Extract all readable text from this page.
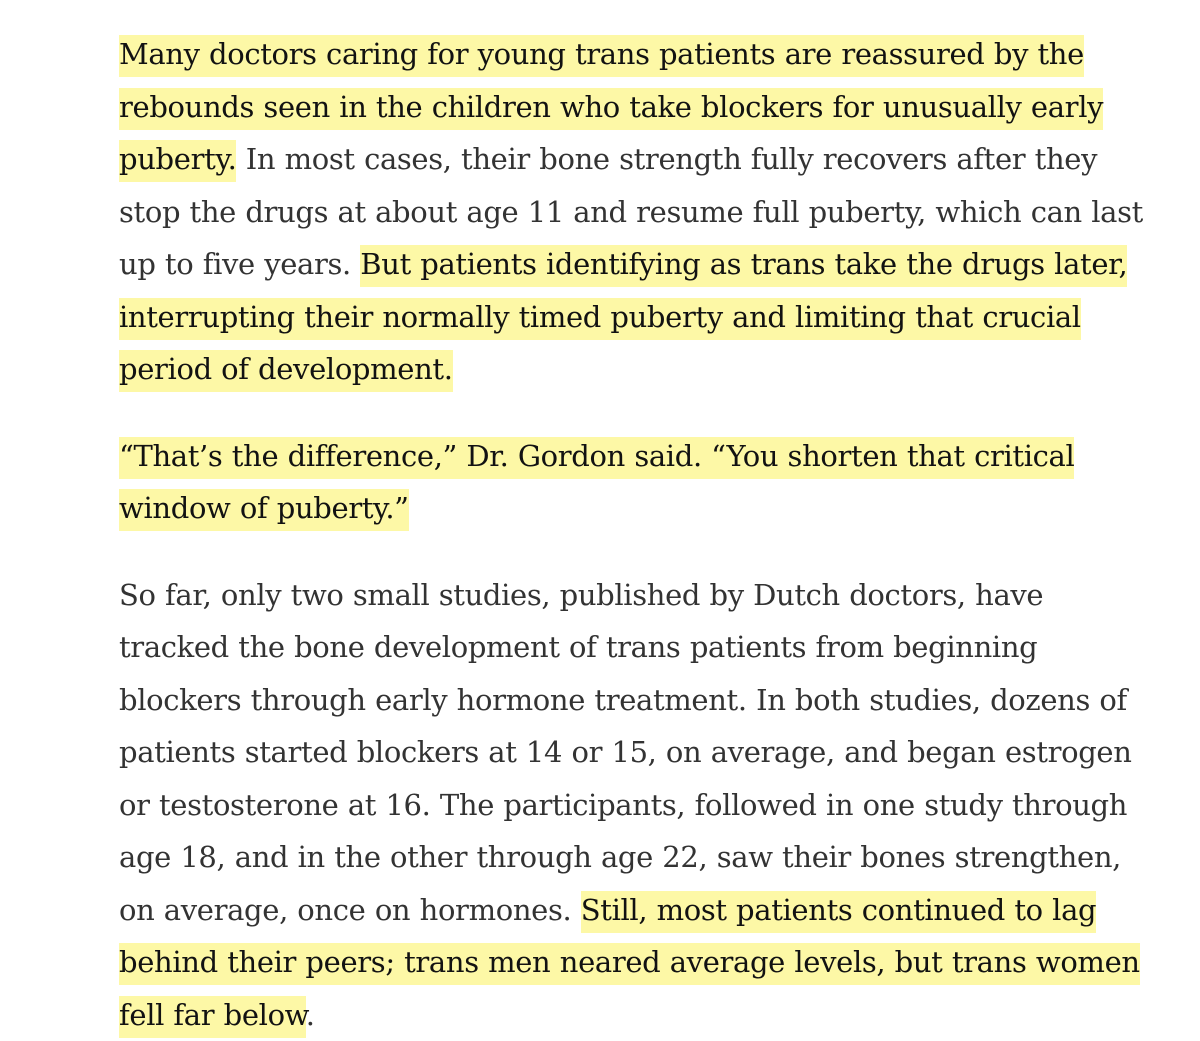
Many doctors caring for young trans patients are reassured by the rebounds seen in the children who take blockers for unusually early puberty. In most cases, their bone strength fully recovers after they stop the drugs at about age 11 and resume full puberty, which can last up to five years. But patients identifying as trans take the drugs later, interrupting their normally timed puberty and limiting that crucial period of development.

“That’s the difference,” Dr. Gordon said. “You shorten that critical window of puberty.”

So far, only two small studies, published by Dutch doctors, have tracked the bone development of trans patients from beginning blockers through early hormone treatment. In both studies, dozens of patients started blockers at 14 or 15, on average, and began estrogen or testosterone at 16. The participants, followed in one study through age 18, and in the other through age 22, saw their bones strengthen, on average, once on hormones. Still, most patients continued to lag behind their peers; trans men neared average levels, but trans women fell far below.
